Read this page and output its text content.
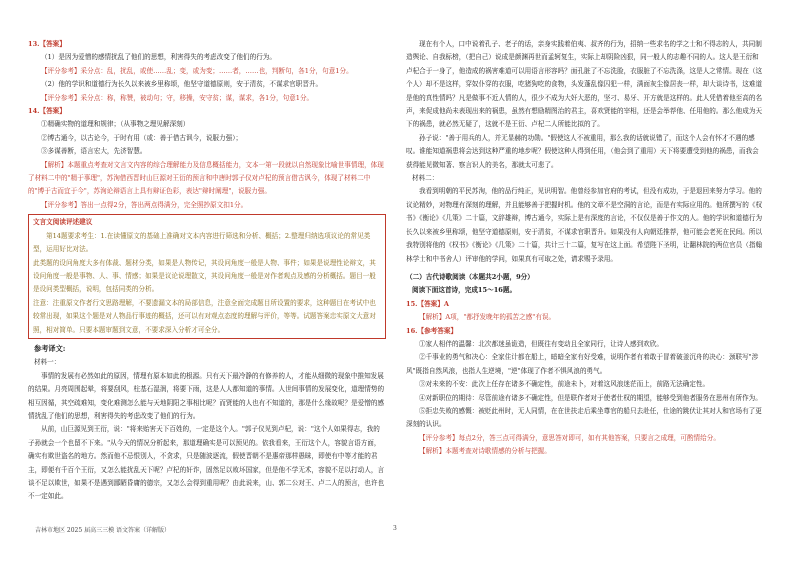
13.【答案】

（1）是因为爱憎的感情扰乱了他们的思想，利害得失的考虑改变了他们的行为。

【评分参考】采分点：乱，扰乱，或使……乱；变，或为变；……者，……也，判断句，各1分，句意1分。

（2）他的学识和道德行为长久以来被乡里称颂，他坚守道德原则，安于清贫，不谋求官职晋升。

【评分参考】采分点：称，称赞，被动句；守，移操，安守贫；谋，谋求，各1分，句意1分。

14.【答案】

①精确实物的道理和规律；（从事物之理见解深刻）

②博古通今，以古论今，于时有用（或：善于借古讽今，说服力强）；

③多谋善断，语言宏大，先济智慧。

【解析】本题重点考查对文言文内容的综合理解能力及信息概括能力，文本一第一段就以自然现象比喻世事情理，体现了材料二中的"精于事理"，苏洵借西晋时山巨源对王衍的预言和中唐时郭子仪对卢杞的预言借古讽今，体现了材料二中的"博于古而宜于今"，苏洵论辩语言上具有辩证色彩，表达"辩时阐理"，说服力强。

【评分参考】答出一点得2分，答出两点得满分，完全照抄原文扣1分。

文言文阅读评述建议

第14题要求考生：1.在读懂原文的基础上准确对文本内容进行筛选和分析、概括；2.整理归纳选项议论的常见类型，运用好比对法。
此类题的设问角度大多有体裁、题材分类，如果是人物传记，其设问角度一般是人物、事件；如果是说理性论辩文，其设问角度一般是事物、人、事、情感；如果是议论说理散文，其设问角度一般是对作者观点及感的分析概括。题目一般是设问类型概括，说明，包括同类的分析。
注意：注重原文作者行文思路理解，不要遗漏文本的局部信息，注意全面完成题目所设置的要求，这种题目在考试中也较常出现，如果这个题是对人物品行事迹的概括，还可以有对观点态度的理解与评价，等等。试题答案忠实原文大意对照，相对简单。只要本题审题到文意，不要求深入分析才可全分。

参考译文:

材料一：

事情的发展有必然如此的原因，情理有原本如此的根源。只有天下最冷静的有修养的人，才能从细微的现象中推知发展的结果。月亮周围起晕，将要刮风，柱基石湿润，将要下雨，这是人人都知道的事情。人世间事情的发展变化，道理情势的相互因循，其空疏难知，变化难测怎么能与天地阴阳之事相比呢？而贤能的人也有不知道的，那是什么缘故呢？是爱憎的感情扰乱了他们的思想，利害得失的考虑改变了他们的行为。

从前，山巨源见到王衍，说："将来贻害天下百姓的，一定是这个人。"郭子仪见到卢杞，说："这个人如果得志，我的子孙就会一个也留不下来。"从今天的情况分析起来，那道理确实是可以预见的。依我看来，王衍这个人，容貌言语方面，确实有欺世盗名的地方。然而他不忌恨别人，不贪求，只是随波逐流，假使晋朝不是惠帝那样愚昧，即使有中等才能的君主，即便有千百个王衍，又怎么能扰乱天下呢？卢杞的奸诈，固然足以败坏国家，但是他不学无术，容貌不足以打动人，言谈不足以欺世，如果不是遇到鄙陋昏庸的德宗，又怎么会得到重用呢？由此说来，山、郭二公对王、卢二人的预言，也许也不一定如此。

现在有个人，口中说着孔子、老子的话，亲身实践着伯夷、叔齐的行为，招纳一些求名的学之士和不得志的人，共同制造舆论、自我标榜，（把自己）说成是颜渊再世而孟轲复生，实际上却阴险凶狠，同一般人的志趣不同的人。这人是王衍和卢杞合于一身了，他造成的祸害难道可以用语言形容吗？面孔脏了不忘洗脸，衣服脏了不忘洗涤，这是人之常情。现在（这个人）却不是这样，穿奴仆穿的衣服，吃猪狗吃的食物，头发蓬乱像囚犯一样，满面灰尘像居丧一样，却大谈诗书，这难道是他的真性情吗？凡是做事不近人情的人，很少不成为大奸大恶的，坚刁、易牙、开方就是这样的。此人凭借着他至高的名声，来促成他尚未表现出来的祸患，虽然有想励精图治的君主，喜欢贤能的宰相，还是会举荐他、任用他的。那么他成为天下的祸患，就必然无疑了，这就不是王衍、卢杞二人所能比拟的了。

孙子说："善于用兵的人，并无显赫的功勋。"假使这人不被重用，那么我的话就说错了，而这个人会有怀才不遇的感叹。谁能知道祸患将会达到这种严重的地步呢？假使这种人得到任用，（他会到了重用）天下将要遭受到他的祸患，而我会获得能见微知著、察言识人的美名，那就太可悲了。

材料二：

我看到明朝的平民苏洵，他的品行纯正，见识明智。他曾经参加官府的考试，但没有成功，于是退回来努力学习。他的议论精妙，对物理有深刻的理解，并且能够善于把握时机。他的文章不是空洞的言论，而是有实际应用的。他所撰写的《权书》《衡论》《几策》二十篇，文辞雄辩，博古通今，实际上是有深度的言论，不仅仅是善于作文的人。他的学识和道德行为长久以来被乡里称颂，他坚守道德原则，安于清贫，不谋求官职晋升。如果没有人向朝廷推荐，他可能会老死在民间。所以我特别将他的《权书》《衡论》《几策》二十篇，共计三十二篇，复写在这上面。希望陛下圣明，让翻林院的两位官员（指翰林学士和中书舍人）评审他的学问，如果真有可取之处，请求赐予录用。

（二）古代诗歌阅读（本题共2小题，9分）

阅读下面这首诗，完成15～16题。

15.【答案】A

【解析】A项，"都抒发晚年的孤苦之感"有误。

16.【参考答案】

①家人相伴的温馨：北次都迷虽诡造，但既往有变动且全家同行，让诗人感到欢欣。

②千事业的勇气和决心：全家住计都在船上，暗暗全家有好受难，说明作者有着敢于冒着破釜沉舟的决心：颈联写"涉风"既指自然风浪，也指人生逆境，"逆"体现了作者不惧风浪的勇气。

③对未来的不安：此次上任存在诸多不确定性，前途未卜，对着这风浪迷茫而上，前路无法确定性。

④对新职位的期待：尽管前途有诸多不确定性，但是联作者对于使者仕权的期望，能够受到他者服务在思州有所作为。

⑤拒忠失败的感慨：被贬此州时，无人同情，在在世扶走后乘坐尊官的船只去赴任，仕途的跳伏让其对人和官场有了更深刻的认识。

【评分参考】每点2分，答三点可得满分，意思答对即可，如有其他答案，只要言之成理，可酌情给分。

【解析】本题考查对诗歌情感的分析与把握。

吉林市地区 2025 届高三三模 语文答案（详解版）	3
